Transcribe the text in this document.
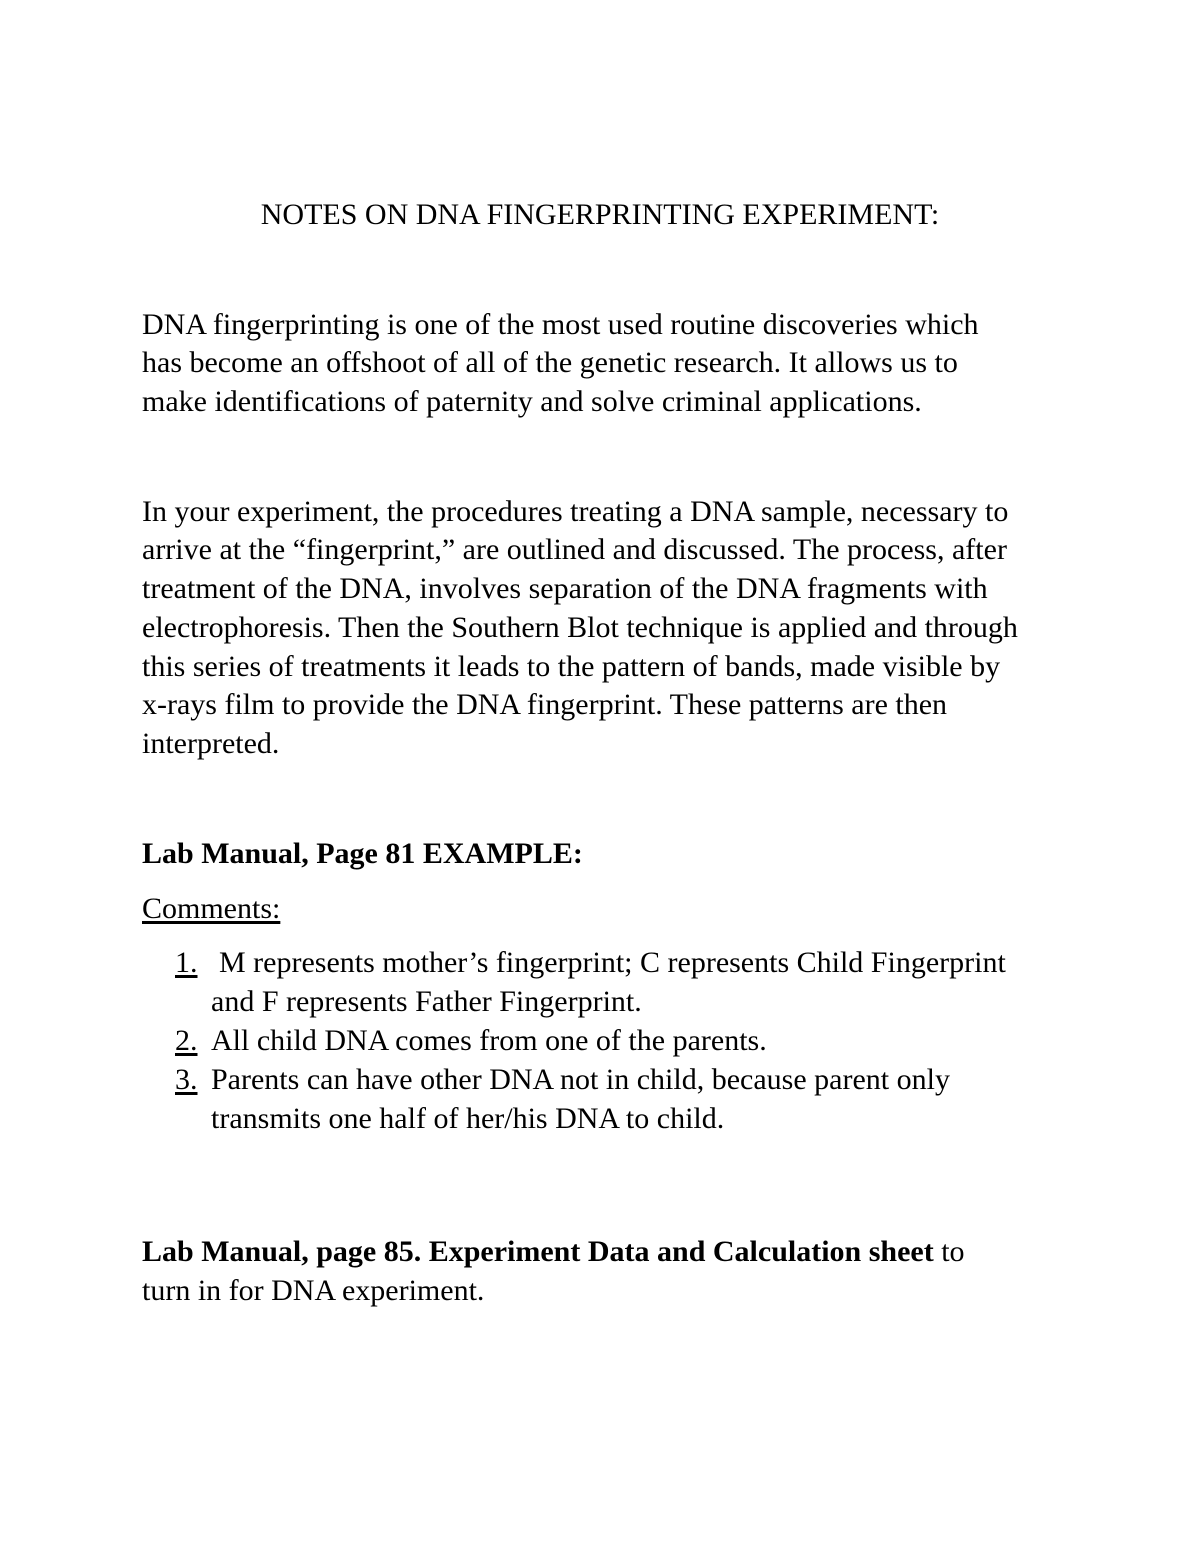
NOTES ON DNA FINGERPRINTING EXPERIMENT:
DNA fingerprinting is one of the most used routine discoveries which
has become an offshoot of all of the genetic research. It allows us to
make identifications of paternity and solve criminal applications.
In your experiment, the procedures treating a DNA sample, necessary to
arrive at the “fingerprint,” are outlined and discussed. The process, after
treatment of the DNA, involves separation of the DNA fragments with
electrophoresis. Then the Southern Blot technique is applied and through
this series of treatments it leads to the pattern of bands, made visible by
x-rays film to provide the DNA fingerprint. These patterns are then
interpreted.
Lab Manual, Page 81 EXAMPLE:
Comments:
1. M represents mother’s fingerprint; C represents Child Fingerprint
and F represents Father Fingerprint.
2. All child DNA comes from one of the parents.
3. Parents can have other DNA not in child, because parent only
transmits one half of her/his DNA to child.
Lab Manual, page 85. Experiment Data and Calculation sheet to
turn in for DNA experiment.
